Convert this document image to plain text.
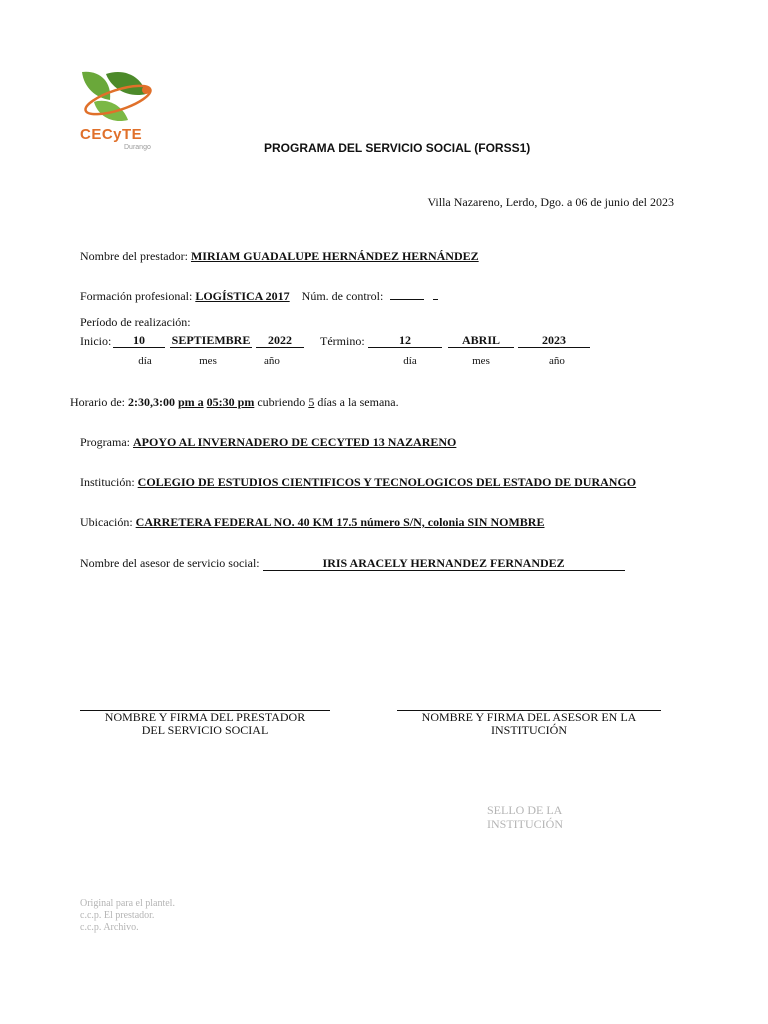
CECyTE
Durango	PROGRAMA DEL SERVICIO SOCIAL (FORSS1)
Villa Nazareno, Lerdo, Dgo. a 06 de junio del 2023
Nombre del prestador: MIRIAM GUADALUPE HERNÁNDEZ HERNÁNDEZ
Formación profesional: LOGÍSTICA 2017 Núm. de control:
Período de realización:
Inicio:	10	SEPTIEMBRE	2022	Término:	12	ABRIL	2023
día	mes	año	día	mes	año
Horario de: 2:30,3:00 pm a 05:30 pm cubriendo 5 días a la semana.
Programa: APOYO AL INVERNADERO DE CECYTED 13 NAZARENO
Institución: COLEGIO DE ESTUDIOS CIENTIFICOS Y TECNOLOGICOS DEL ESTADO DE DURANGO
Ubicación: CARRETERA FEDERAL NO. 40 KM 17.5 número S/N, colonia SIN NOMBRE
Nombre del asesor de servicio social:	IRIS ARACELY HERNANDEZ FERNANDEZ
NOMBRE Y FIRMA DEL PRESTADOR
DEL SERVICIO SOCIAL
NOMBRE Y FIRMA DEL ASESOR EN LA
INSTITUCIÓN
SELLO DE LA
INSTITUCIÓN
Original para el plantel.
c.c.p. El prestador.
c.c.p. Archivo.
